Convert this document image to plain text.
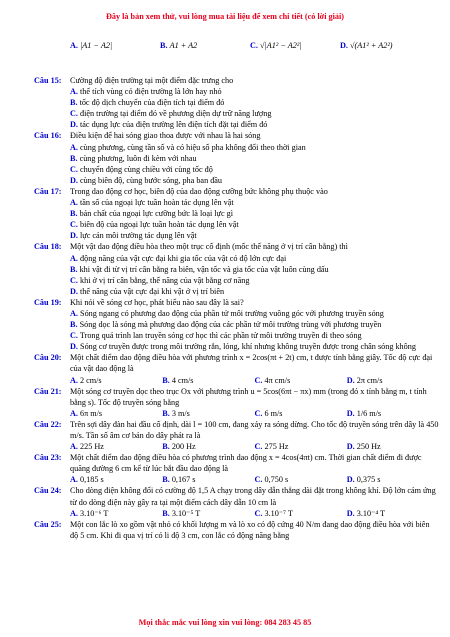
Đây là bản xem thử, vui lòng mua tài liệu để xem chi tiết (có lời giải)
A. |A1 − A2|	B. A1 + A2	C. √|A1² − A2²|	D. √(A1² + A2²)
Câu 15:	Cường độ điện trường tại một điểm đặc trưng cho
A. thể tích vùng có điện trường là lớn hay nhỏ
B. tốc độ dịch chuyển của điện tích tại điểm đó
C. điện trường tại điểm đó về phương diện dự trữ năng lượng
D. tác dụng lực của điện trường lên điện tích đặt tại điểm đó
Câu 16:	Điều kiện để hai sóng giao thoa được với nhau là hai sóng
A. cùng phương, cùng tần số và có hiệu số pha không đổi theo thời gian
B. cùng phương, luôn đi kèm với nhau
C. chuyển động cùng chiều với cùng tốc độ
D. cùng biên độ, cùng bước sóng, pha ban đầu
Câu 17:	Trong dao động cơ học, biên độ của dao động cưỡng bức không phụ thuộc vào
A. tần số của ngoại lực tuần hoàn tác dụng lên vật
B. bản chất của ngoại lực cưỡng bức là loại lực gì
C. biên độ của ngoại lực tuần hoàn tác dụng lên vật
D. lực cản môi trường tác dụng lên vật
Câu 18:	Một vật dao động điều hòa theo một trục cố định (mốc thế năng ở vị trí cân bằng) thì
A. động năng của vật cực đại khi gia tốc của vật có độ lớn cực đại
B. khi vật đi từ vị trí cân bằng ra biên, vận tốc và gia tốc của vật luôn cùng dấu
C. khi ở vị trí cân bằng, thế năng của vật bằng cơ năng
D. thế năng của vật cực đại khi vật ở vị trí biên
Câu 19:	Khi nói về sóng cơ học, phát biểu nào sau đây là sai?
A. Sóng ngang có phương dao động của phần tử môi trường vuông góc với phương truyền sóng
B. Sóng dọc là sóng mà phương dao động của các phần tử môi trường trùng với phương truyền
C. Trong quá trình lan truyền sóng cơ học thì các phần tử môi trường truyền đi theo sóng
D. Sóng cơ truyền được trong môi trường rắn, lỏng, khí nhưng không truyền được trong chân sóng không
Câu 20:	Một chất điểm dao động điều hòa với phương trình x = 2cos(πt + 2t) cm, t được tính bằng giây. Tốc độ cực đại của vật dao động là
A. 2 cm/s	B. 4 cm/s	C. 4π cm/s	D. 2π cm/s
Câu 21:	Một sóng cơ truyền dọc theo trục Ox với phương trình u = 5cos(6πt − πx) mm (trong đó x tính bằng m, t tính bằng s). Tốc độ truyền sóng bằng
A. 6π m/s	B. 3 m/s	C. 6 m/s	D. 1/6 m/s
Câu 22:	Trên sợi dây đàn hai đầu cố định, dài l = 100 cm, đang xảy ra sóng dừng. Cho tốc độ truyền sóng trên dây là 450 m/s. Tần số âm cơ bản do dây phát ra là
A. 225 Hz	B. 200 Hz	C. 275 Hz	D. 250 Hz
Câu 23:	Một chất điểm dao động điều hòa có phương trình dao động x = 4cos(4πt) cm. Thời gian chất điểm đi được quãng đường 6 cm kể từ lúc bắt đầu dao động là
A. 0,185 s	B. 0,167 s	C. 0,750 s	D. 0,375 s
Câu 24:	Cho dòng điện không đổi có cường độ 1,5 A chạy trong dây dẫn thẳng dài đặt trong không khí. Độ lớn cảm ứng từ do dòng điện này gây ra tại một điểm cách dây dẫn 10 cm là
A. 3.10⁻⁶ T	B. 3.10⁻⁵ T	C. 3.10⁻⁷ T	D. 3.10⁻⁴ T
Câu 25:	Một con lắc lò xo gồm vật nhỏ có khối lượng m và lò xo có độ cứng 40 N/m đang dao động điều hòa với biên độ 5 cm. Khi đi qua vị trí có li độ 3 cm, con lắc có động năng bằng
Mọi thắc mắc vui lòng xin vui lòng: 084 283 45 85
